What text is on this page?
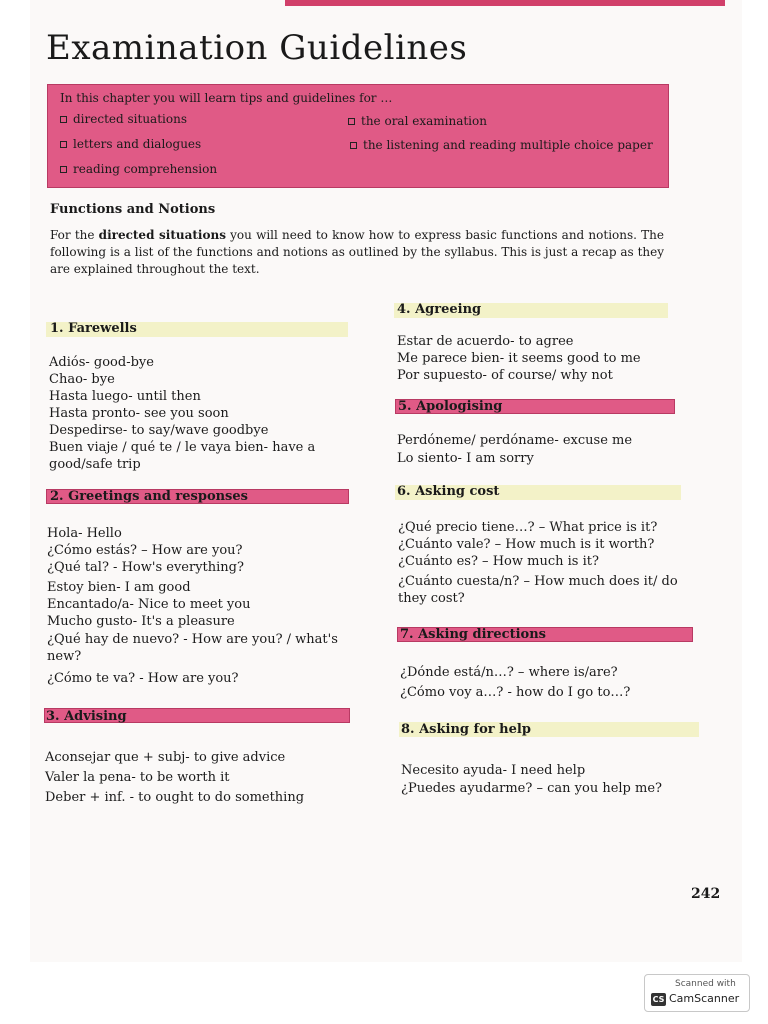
Examination Guidelines
In this chapter you will learn tips and guidelines for …
directed situations	the oral examination
letters and dialogues	the listening and reading multiple choice paper
reading comprehension
Functions and Notions

For the directed situations you will need to know how to express basic functions and notions. The following is a list of the functions and notions as outlined by the syllabus. This is just a recap as they are explained throughout the text.

1. Farewells
Adiós- good-bye
Chao- bye
Hasta luego- until then
Hasta pronto- see you soon
Despedirse- to say/wave goodbye
Buen viaje / qué te / le vaya bien- have a good/safe trip
2. Greetings and responses
Hola- Hello
¿Cómo estás? – How are you?
¿Qué tal? - How's everything?
Estoy bien- I am good
Encantado/a- Nice to meet you
Mucho gusto- It's a pleasure
¿Qué hay de nuevo? - How are you? / what's new?
¿Cómo te va? - How are you?
3. Advising
Aconsejar que + subj- to give advice
Valer la pena- to be worth it
Deber + inf. - to ought to do something
4. Agreeing
Estar de acuerdo- to agree
Me parece bien- it seems good to me
Por supuesto- of course/ why not
5. Apologising
Perdóneme/ perdóname- excuse me
Lo siento- I am sorry
6. Asking cost
¿Qué precio tiene…? – What price is it?
¿Cuánto vale? – How much is it worth?
¿Cuánto es? – How much is it?
¿Cuánto cuesta/n? – How much does it/ do they cost?
7. Asking directions
¿Dónde está/n…? – where is/are?
¿Cómo voy a…? - how do I go to…?
8. Asking for help
Necesito ayuda- I need help
¿Puedes ayudarme? – can you help me?
242
Scanned with
CS CamScanner
